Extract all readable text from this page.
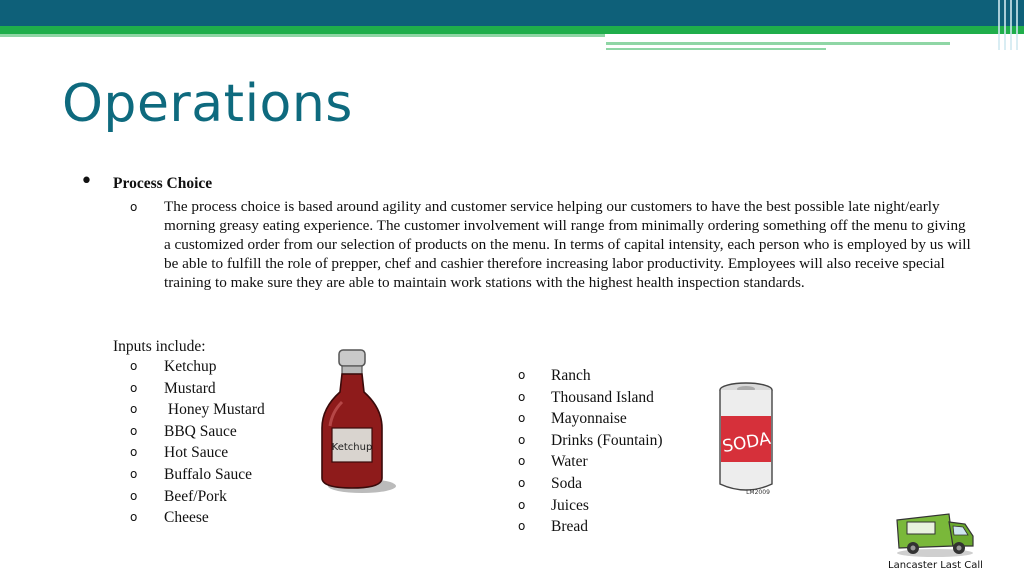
Operations
• Process Choice
o The process choice is based around agility and customer service helping our customers to have the best possible late night/early morning greasy eating experience. The customer involvement will range from minimally ordering something off the menu to giving a customized order from our selection of products on the menu. In terms of capital intensity, each person who is employed by us will be able to fulfill the role of prepper, chef and cashier therefore increasing labor productivity. Employees will also receive special training to make sure they are able to maintain work stations with the highest health inspection standards.
Inputs include:
o Ketchup
o Mustard
o Honey Mustard
o BBQ Sauce
o Hot Sauce
o Buffalo Sauce
o Beef/Pork
o Cheese
o Ranch
o Thousand Island
o Mayonnaise
o Drinks (Fountain)
o Water
o Soda
o Juices
o Bread
Ketchup	SODA
LM2009
Lancaster Last Call
